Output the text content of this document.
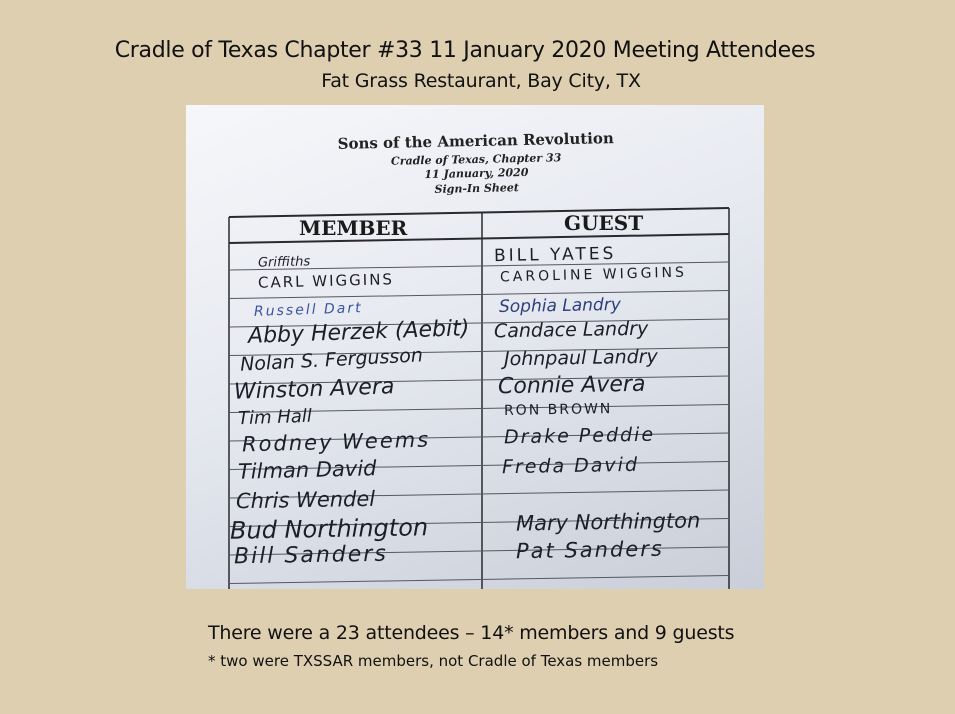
Cradle of Texas Chapter #33 11 January 2020 Meeting Attendees
Fat Grass Restaurant, Bay City, TX
Sons of the American Revolution
Cradle of Texas, Chapter 33
11 January, 2020
Sign-In Sheet
MEMBER	GUEST
Griffiths
CARL WIGGINS
Russell Dart
Abby Herzek (Aebit)
Nolan S. Fergusson
Winston Avera
Tim Hall
Rodney Weems
Tilman David
Chris Wendel
Bud Northington
Bill Sanders
BILL YATES
CAROLINE WIGGINS
Sophia Landry
Candace Landry
Johnpaul Landry
Connie Avera
RON BROWN
Drake Peddie
Freda David
Mary Northington
Pat Sanders
There were a 23 attendees – 14* members and 9 guests
* two were TXSSAR members, not Cradle of Texas members
